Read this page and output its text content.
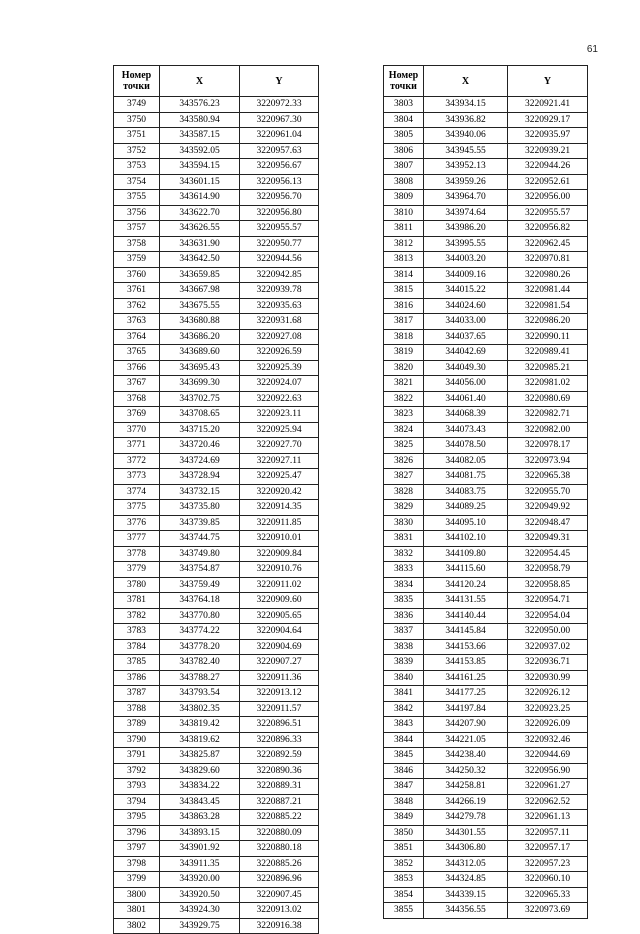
61
Номер точки	X	Y
3749	343576.23	3220972.33
3750	343580.94	3220967.30
3751	343587.15	3220961.04
3752	343592.05	3220957.63
3753	343594.15	3220956.67
3754	343601.15	3220956.13
3755	343614.90	3220956.70
3756	343622.70	3220956.80
3757	343626.55	3220955.57
3758	343631.90	3220950.77
3759	343642.50	3220944.56
3760	343659.85	3220942.85
3761	343667.98	3220939.78
3762	343675.55	3220935.63
3763	343680.88	3220931.68
3764	343686.20	3220927.08
3765	343689.60	3220926.59
3766	343695.43	3220925.39
3767	343699.30	3220924.07
3768	343702.75	3220922.63
3769	343708.65	3220923.11
3770	343715.20	3220925.94
3771	343720.46	3220927.70
3772	343724.69	3220927.11
3773	343728.94	3220925.47
3774	343732.15	3220920.42
3775	343735.80	3220914.35
3776	343739.85	3220911.85
3777	343744.75	3220910.01
3778	343749.80	3220909.84
3779	343754.87	3220910.76
3780	343759.49	3220911.02
3781	343764.18	3220909.60
3782	343770.80	3220905.65
3783	343774.22	3220904.64
3784	343778.20	3220904.69
3785	343782.40	3220907.27
3786	343788.27	3220911.36
3787	343793.54	3220913.12
3788	343802.35	3220911.57
3789	343819.42	3220896.51
3790	343819.62	3220896.33
3791	343825.87	3220892.59
3792	343829.60	3220890.36
3793	343834.22	3220889.31
3794	343843.45	3220887.21
3795	343863.28	3220885.22
3796	343893.15	3220880.09
3797	343901.92	3220880.18
3798	343911.35	3220885.26
3799	343920.00	3220896.96
3800	343920.50	3220907.45
3801	343924.30	3220913.02
3802	343929.75	3220916.38
Номер точки	X	Y
3803	343934.15	3220921.41
3804	343936.82	3220929.17
3805	343940.06	3220935.97
3806	343945.55	3220939.21
3807	343952.13	3220944.26
3808	343959.26	3220952.61
3809	343964.70	3220956.00
3810	343974.64	3220955.57
3811	343986.20	3220956.82
3812	343995.55	3220962.45
3813	344003.20	3220970.81
3814	344009.16	3220980.26
3815	344015.22	3220981.44
3816	344024.60	3220981.54
3817	344033.00	3220986.20
3818	344037.65	3220990.11
3819	344042.69	3220989.41
3820	344049.30	3220985.21
3821	344056.00	3220981.02
3822	344061.40	3220980.69
3823	344068.39	3220982.71
3824	344073.43	3220982.00
3825	344078.50	3220978.17
3826	344082.05	3220973.94
3827	344081.75	3220965.38
3828	344083.75	3220955.70
3829	344089.25	3220949.92
3830	344095.10	3220948.47
3831	344102.10	3220949.31
3832	344109.80	3220954.45
3833	344115.60	3220958.79
3834	344120.24	3220958.85
3835	344131.55	3220954.71
3836	344140.44	3220954.04
3837	344145.84	3220950.00
3838	344153.66	3220937.02
3839	344153.85	3220936.71
3840	344161.25	3220930.99
3841	344177.25	3220926.12
3842	344197.84	3220923.25
3843	344207.90	3220926.09
3844	344221.05	3220932.46
3845	344238.40	3220944.69
3846	344250.32	3220956.90
3847	344258.81	3220961.27
3848	344266.19	3220962.52
3849	344279.78	3220961.13
3850	344301.55	3220957.11
3851	344306.80	3220957.17
3852	344312.05	3220957.23
3853	344324.85	3220960.10
3854	344339.15	3220965.33
3855	344356.55	3220973.69
